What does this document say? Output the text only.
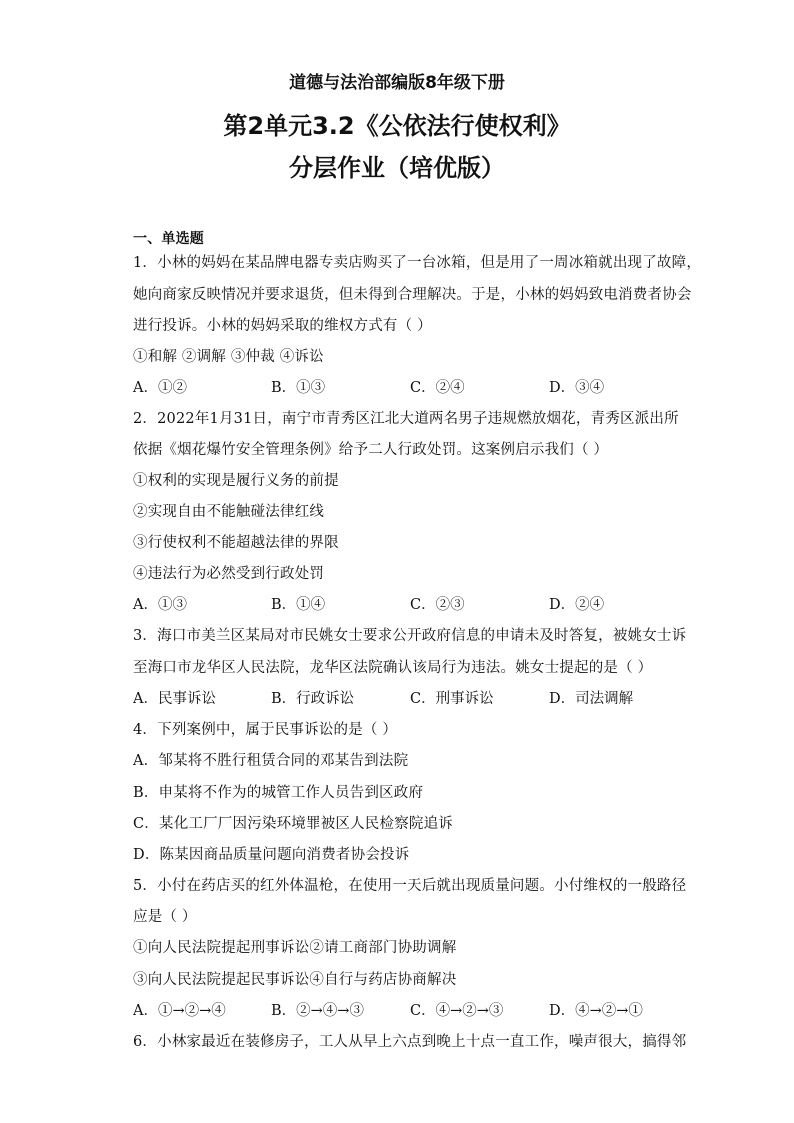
道德与法治部编版8年级下册
第2单元3.2《公依法行使权利》
分层作业（培优版）
一、单选题
1．小林的妈妈在某品牌电器专卖店购买了一台冰箱，但是用了一周冰箱就出现了故障，
她向商家反映情况并要求退货，但未得到合理解决。于是，小林的妈妈致电消费者协会
进行投诉。小林的妈妈采取的维权方式有（ ）
①和解 ②调解 ③仲裁 ④诉讼
A．①②	B．①③	C．②④	D．③④
2．2022年1月31日，南宁市青秀区江北大道两名男子违规燃放烟花，青秀区派出所
依据《烟花爆竹安全管理条例》给予二人行政处罚。这案例启示我们（ ）
①权利的实现是履行义务的前提
②实现自由不能触碰法律红线
③行使权利不能超越法律的界限
④违法行为必然受到行政处罚
A．①③	B．①④	C．②③	D．②④
3．海口市美兰区某局对市民姚女士要求公开政府信息的申请未及时答复，被姚女士诉
至海口市龙华区人民法院，龙华区法院确认该局行为违法。姚女士提起的是（ ）
A．民事诉讼	B．行政诉讼	C．刑事诉讼	D．司法调解
4．下列案例中，属于民事诉讼的是（ ）
A．邹某将不胜行租赁合同的邓某告到法院
B．申某将不作为的城管工作人员告到区政府
C．某化工厂厂因污染环境罪被区人民检察院追诉
D．陈某因商品质量问题向消费者协会投诉
5．小付在药店买的红外体温枪，在使用一天后就出现质量问题。小付维权的一般路径
应是（ ）
①向人民法院提起刑事诉讼②请工商部门协助调解
③向人民法院提起民事诉讼④自行与药店协商解决
A．①→②→④	B．②→④→③	C．④→②→③	D．④→②→①
6．小林家最近在装修房子，工人从早上六点到晚上十点一直工作，噪声很大，搞得邻
